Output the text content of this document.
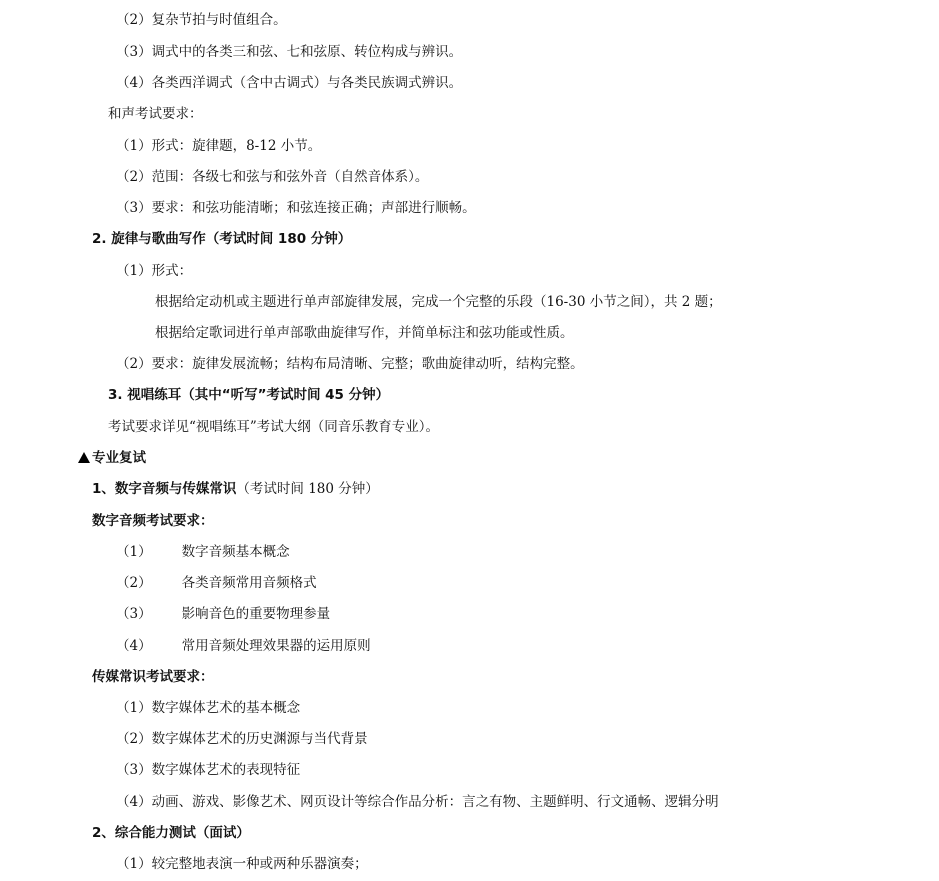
（2）复杂节拍与时值组合。
（3）调式中的各类三和弦、七和弦原、转位构成与辨识。
（4）各类西洋调式（含中古调式）与各类民族调式辨识。
和声考试要求：
（1）形式：旋律题，8-12 小节。
（2）范围：各级七和弦与和弦外音（自然音体系）。
（3）要求：和弦功能清晰；和弦连接正确；声部进行顺畅。
2. 旋律与歌曲写作（考试时间 180 分钟）
（1）形式：
根据给定动机或主题进行单声部旋律发展，完成一个完整的乐段（16-30 小节之间），共 2 题；
根据给定歌词进行单声部歌曲旋律写作，并简单标注和弦功能或性质。
（2）要求：旋律发展流畅；结构布局清晰、完整；歌曲旋律动听，结构完整。
3. 视唱练耳（其中“听写”考试时间 45 分钟）
考试要求详见“视唱练耳”考试大纲（同音乐教育专业）。
专业复试
1、数字音频与传媒常识（考试时间 180 分钟）
数字音频考试要求：
（1） 数字音频基本概念
（2） 各类音频常用音频格式
（3） 影响音色的重要物理参量
（4） 常用音频处理效果器的运用原则
传媒常识考试要求：
（1）数字媒体艺术的基本概念
（2）数字媒体艺术的历史渊源与当代背景
（3）数字媒体艺术的表现特征
（4）动画、游戏、影像艺术、网页设计等综合作品分析：言之有物、主题鲜明、行文通畅、逻辑分明
2、综合能力测试（面试）
（1）较完整地表演一种或两种乐器演奏；
